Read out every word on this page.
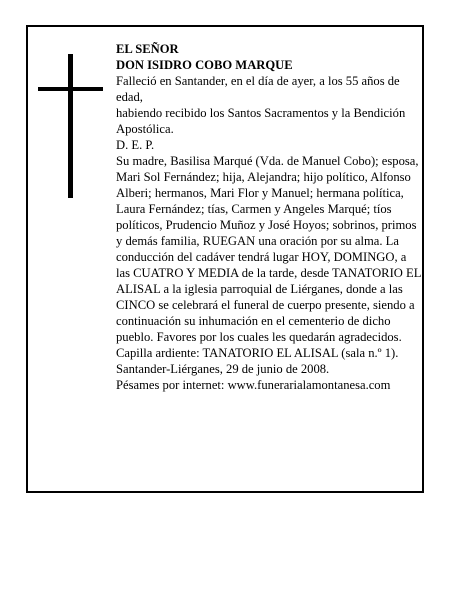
EL SEÑOR

DON ISIDRO COBO MARQUE

Falleció en Santander, en el día de ayer, a los 55 años de edad,

habiendo recibido los Santos Sacramentos y la Bendición Apostólica.

D. E. P.

Su madre, Basilisa Marqué (Vda. de Manuel Cobo); esposa, Mari Sol Fernández; hija, Alejandra; hijo político, Alfonso Alberi; hermanos, Mari Flor y Manuel; hermana política, Laura Fernández; tías, Carmen y Angeles Marqué; tíos políticos, Prudencio Muñoz y José Hoyos; sobrinos, primos y demás familia, RUEGAN una oración por su alma. La conducción del cadáver tendrá lugar HOY, DOMINGO, a las CUATRO Y MEDIA de la tarde, desde TANATORIO EL ALISAL a la iglesia parroquial de Liérganes, donde a las CINCO se celebrará el funeral de cuerpo presente, siendo a continuación su inhumación en el cementerio de dicho pueblo. Favores por los cuales les quedarán agradecidos. Capilla ardiente: TANATORIO EL ALISAL (sala n.º 1).

Santander-Liérganes, 29 de junio de 2008.

Pésames por internet: www.funerarialamontanesa.com
